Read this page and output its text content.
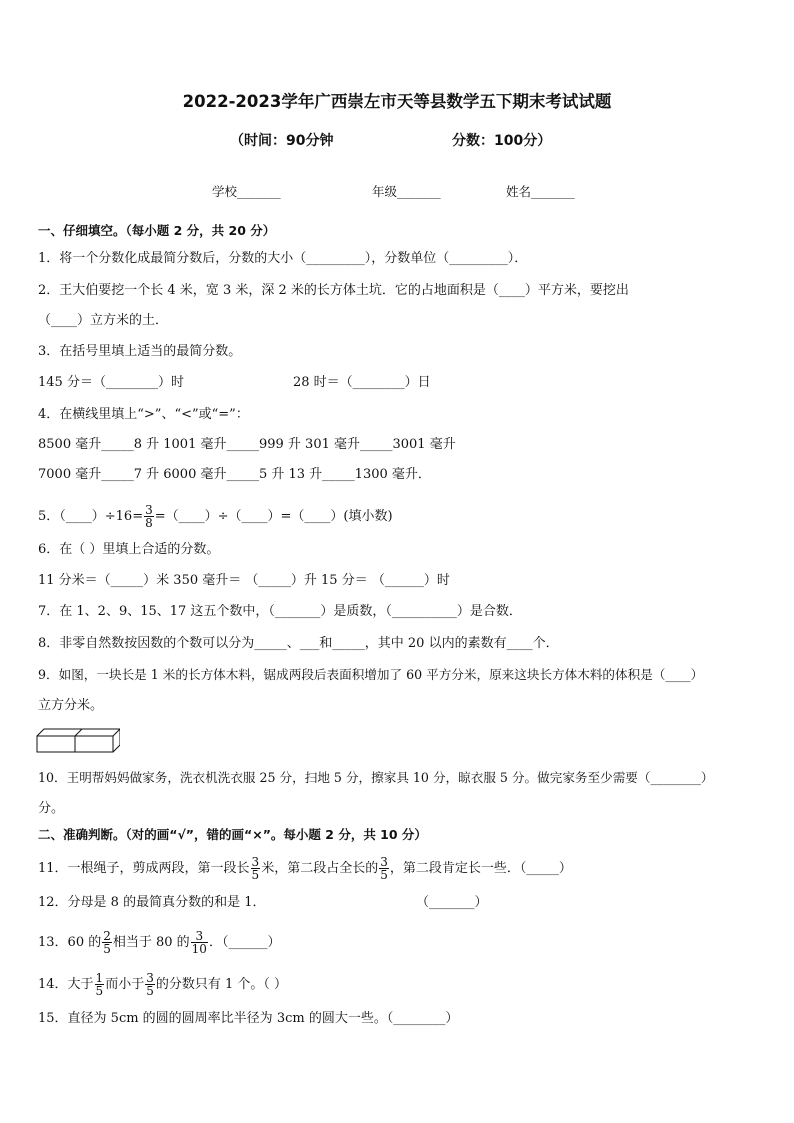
2022-2023学年广西崇左市天等县数学五下期末考试试题
（时间：90分钟	分数：100分）
学校_______	年级_______	姓名_______
一、仔细填空。（每小题 2 分，共 20 分）
1．将一个分数化成最简分数后，分数的大小（_________），分数单位（_________）．
2．王大伯要挖一个长 4 米，宽 3 米，深 2 米的长方体土坑．它的占地面积是（____）平方米，要挖出
（____）立方米的土．
3．在括号里填上适当的最简分数。
145 分＝（________）时	28 时＝（________）日
4．在横线里填上“>”、“<”或“=”：
8500 毫升_____8 升 1001 毫升_____999 升 301 毫升_____3001 毫升
7000 毫升_____7 升 6000 毫升_____5 升 13 升_____1300 毫升．
5．（____）÷16= $\frac{3}{8}$ =（____）÷（____）=（____）(填小数)
6．在（ ）里填上合适的分数。
11 分米＝（_____）米 350 毫升＝ （_____）升 15 分＝ （______）时
7．在 1、2、9、15、17 这五个数中，（_______）是质数，（__________）是合数．
8．非零自然数按因数的个数可以分为_____、___和_____，其中 20 以内的素数有____个．
9．如图，一块长是 1 米的长方体木料，锯成两段后表面积增加了 60 平方分米，原来这块长方体木料的体积是（____）
立方分米。
10．王明帮妈妈做家务，洗衣机洗衣服 25 分，扫地 5 分，擦家具 10 分，晾衣服 5 分。做完家务至少需要（________）
分。
二、准确判断。（对的画“√”，错的画“×”。每小题 2 分，共 10 分）
11．一根绳子，剪成两段，第一段长 $\frac{3}{5}$ 米，第二段占全长的 $\frac{3}{5}$ ，第二段肯定长一些．（_____）
12．分母是 8 的最简真分数的和是 1．	（_______）
13．60 的 $\frac{2}{5}$ 相当于 80 的 $\frac{3}{10}$ ．（______）
14．大于 $\frac{1}{5}$ 而小于 $\frac{3}{5}$ 的分数只有 1 个。（ ）
15．直径为 5cm 的圆的圆周率比半径为 3cm 的圆大一些。（________）
